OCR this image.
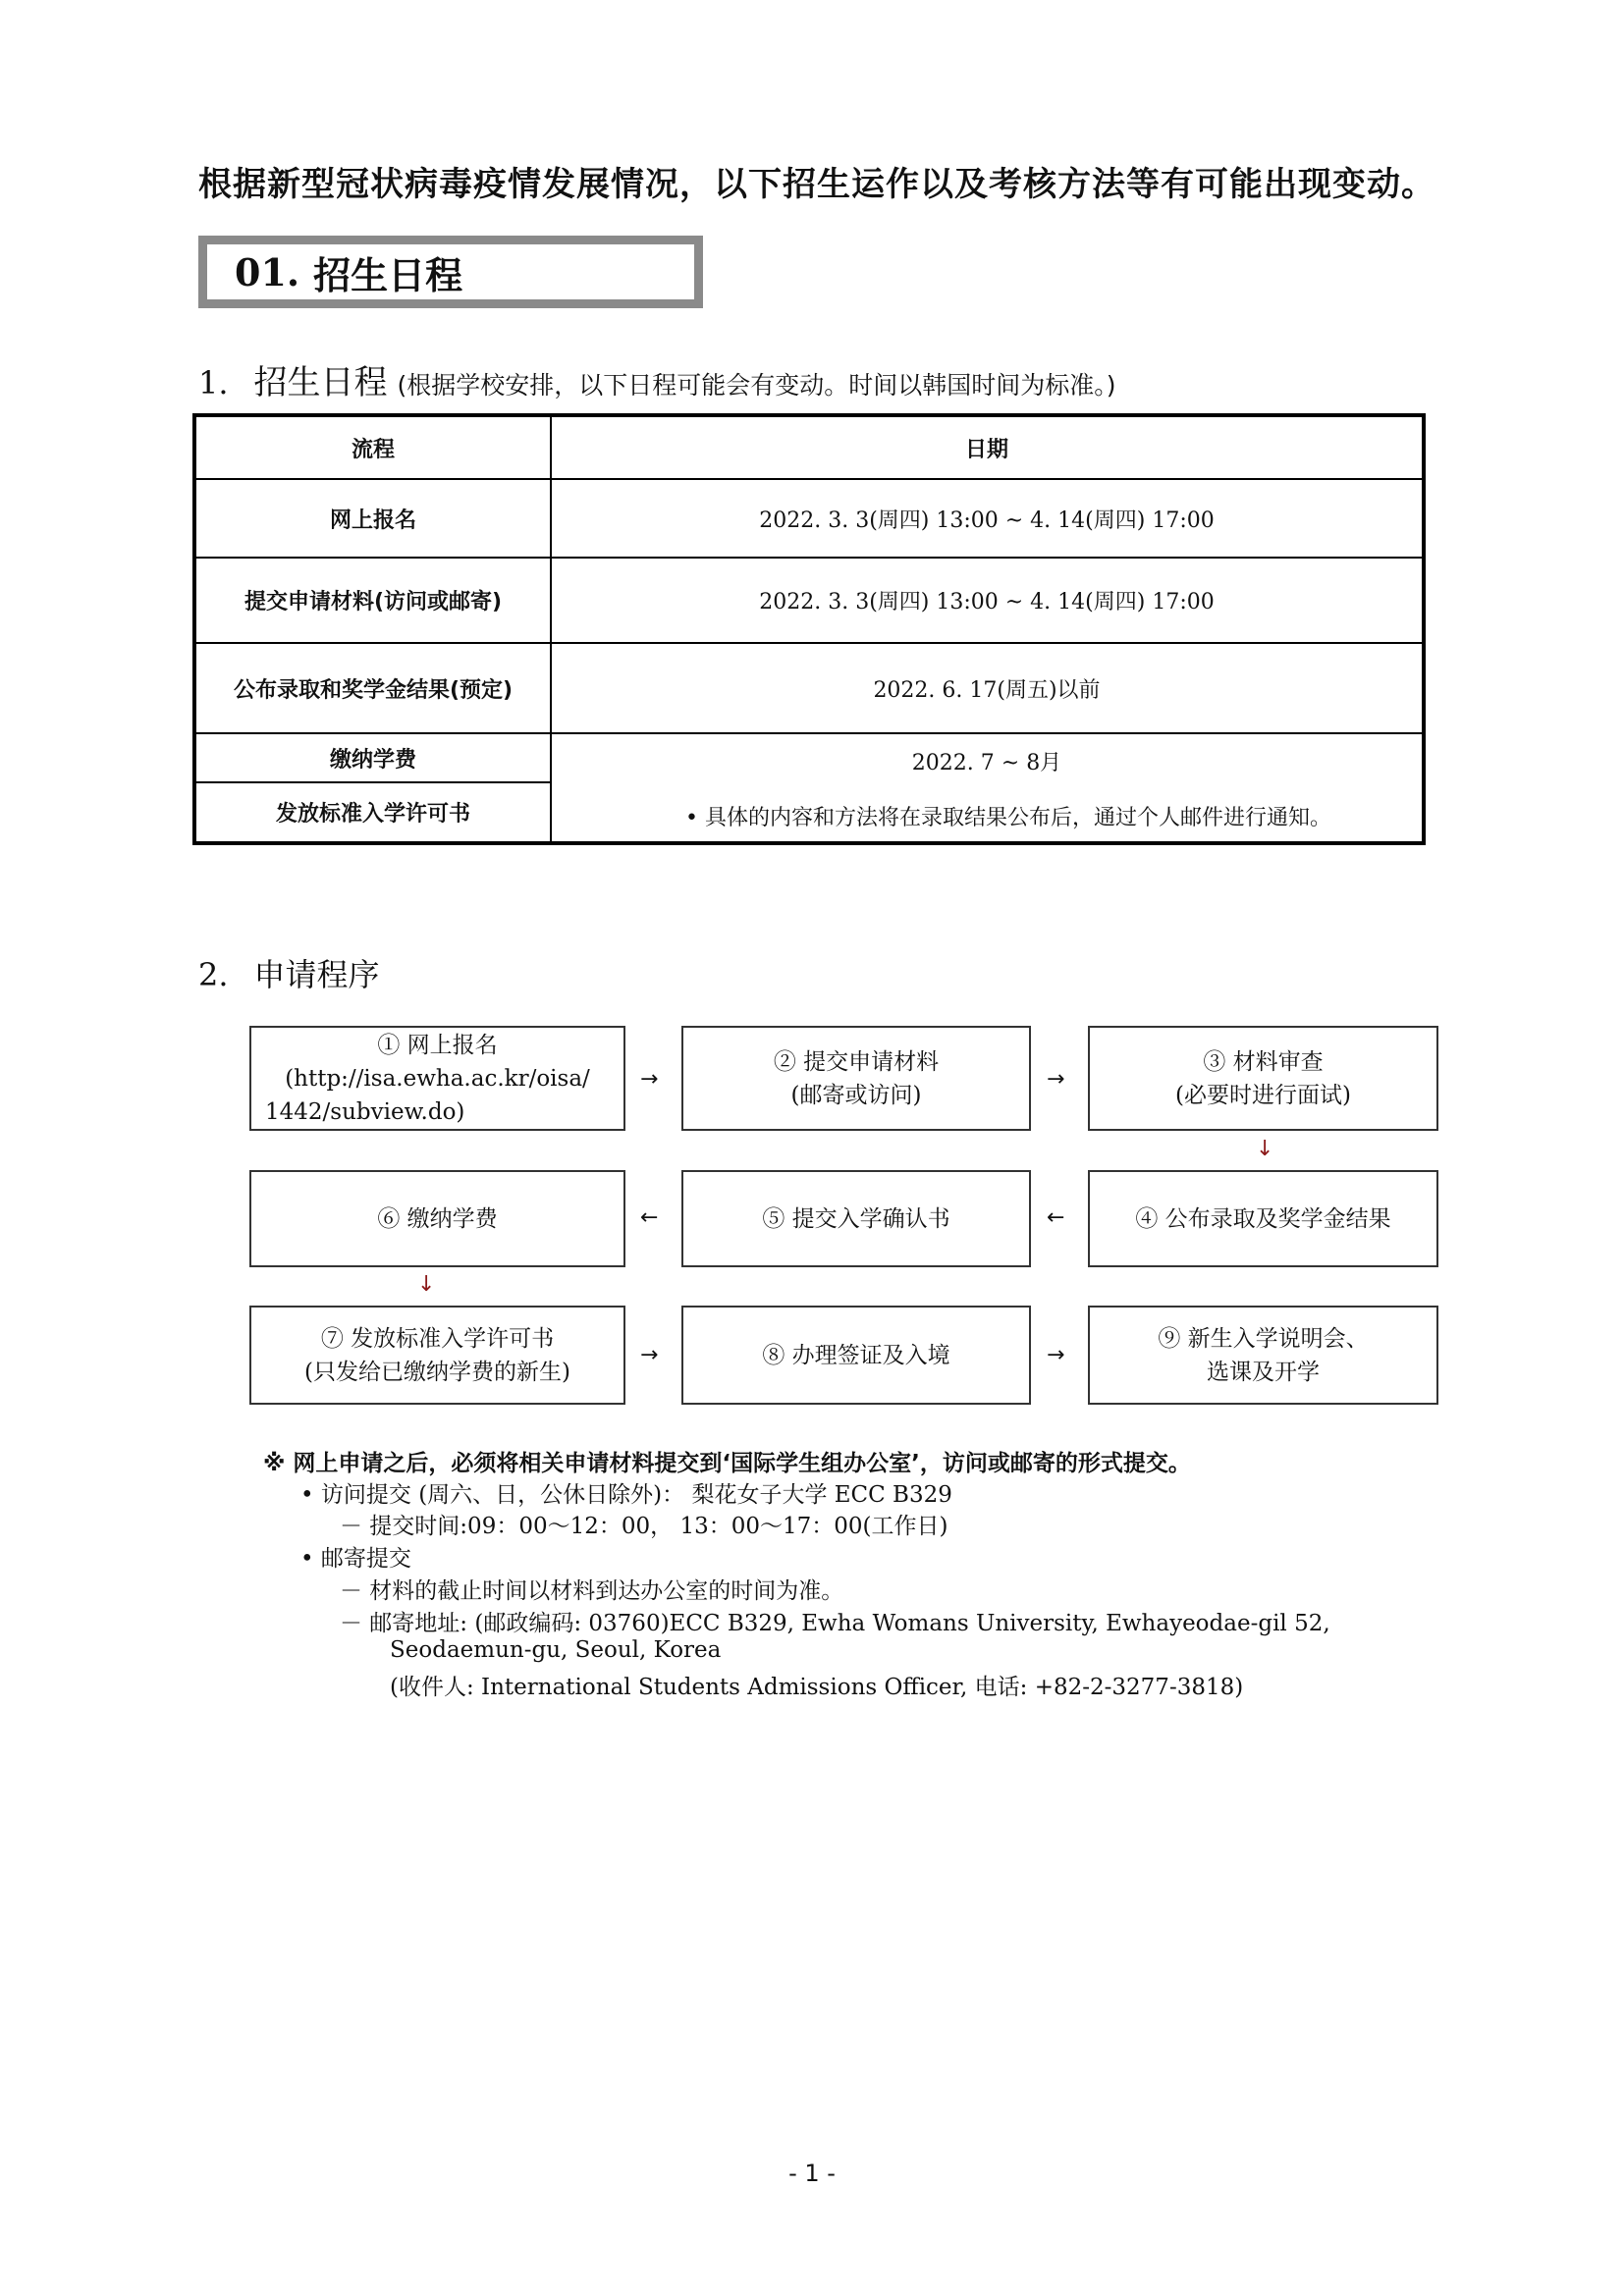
根据新型冠状病毒疫情发展情况，以下招生运作以及考核方法等有可能出现变动。
01. 招生日程
1. 招生日程 (根据学校安排，以下日程可能会有变动。时间以韩国时间为标准。)
流程	日期
网上报名	2022. 3. 3(周四) 13:00 ~ 4. 14(周四) 17:00
提交申请材料(访问或邮寄)	2022. 3. 3(周四) 13:00 ~ 4. 14(周四) 17:00
公布录取和奖学金结果(预定)	2022. 6. 17(周五)以前
缴纳学费	2022. 7 ~ 8月
• 具体的内容和方法将在录取结果公布后，通过个人邮件进行通知。

发放标准入学许可书	
2. 申请程序
① 网上报名
(http://isa.ewha.ac.kr/oisa/
1442/subview.do)
→
② 提交申请材料
(邮寄或访问)
→
③ 材料审查
(必要时进行面试)
↓
⑥ 缴纳学费	←	⑤ 提交入学确认书	←	④ 公布录取及奖学金结果
↓
⑦ 发放标准入学许可书
(只发给已缴纳学费的新生)
→	⑧ 办理签证及入境	→
⑨ 新生入学说明会、
选课及开学
※ 网上申请之后，必须将相关申请材料提交到‘国际学生组办公室’，访问或邮寄的形式提交。
• 访问提交 (周六、日，公休日除外)： 梨花女子大学 ECC B329
－ 提交时间:09：00～12：00， 13：00～17：00(工作日)
• 邮寄提交
－ 材料的截止时间以材料到达办公室的时间为准。
－ 邮寄地址: (邮政编码: 03760)ECC B329, Ewha Womans University, Ewhayeodae-gil 52,
Seodaemun-gu, Seoul, Korea
(收件人: International Students Admissions Officer, 电话: +82-2-3277-3818)
- 1 -
